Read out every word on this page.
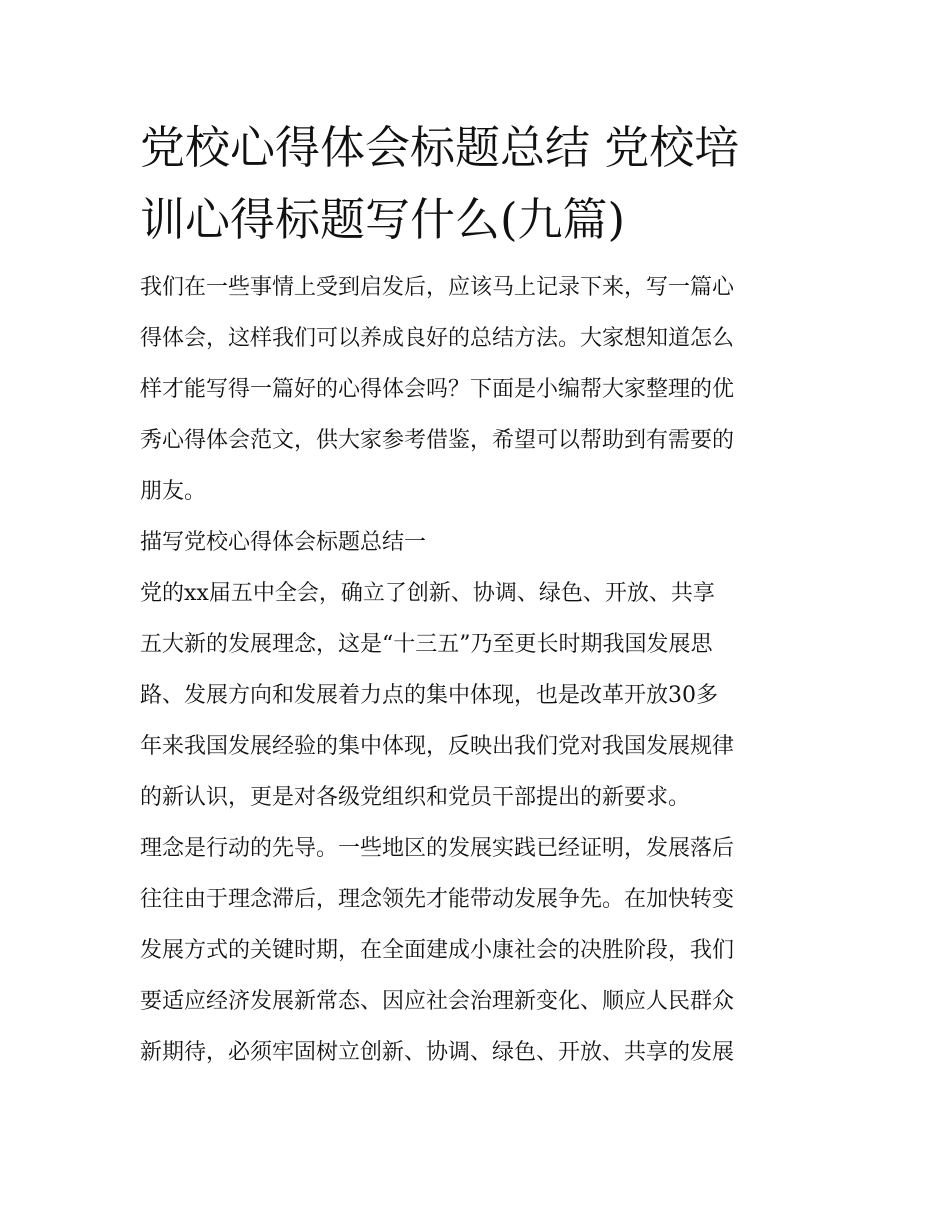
党校心得体会标题总结 党校培
训心得标题写什么(九篇)

我们在一些事情上受到启发后，应该马上记录下来，写一篇心
得体会，这样我们可以养成良好的总结方法。大家想知道怎么
样才能写得一篇好的心得体会吗？下面是小编帮大家整理的优
秀心得体会范文，供大家参考借鉴，希望可以帮助到有需要的
朋友。

描写党校心得体会标题总结一

党的xx届五中全会，确立了创新、协调、绿色、开放、共享
五大新的发展理念，这是“十三五”乃至更长时期我国发展思
路、发展方向和发展着力点的集中体现，也是改革开放30多
年来我国发展经验的集中体现，反映出我们党对我国发展规律
的新认识，更是对各级党组织和党员干部提出的新要求。

理念是行动的先导。一些地区的发展实践已经证明，发展落后
往往由于理念滞后，理念领先才能带动发展争先。在加快转变
发展方式的关键时期，在全面建成小康社会的决胜阶段，我们
要适应经济发展新常态、因应社会治理新变化、顺应人民群众
新期待，必须牢固树立创新、协调、绿色、开放、共享的发展
